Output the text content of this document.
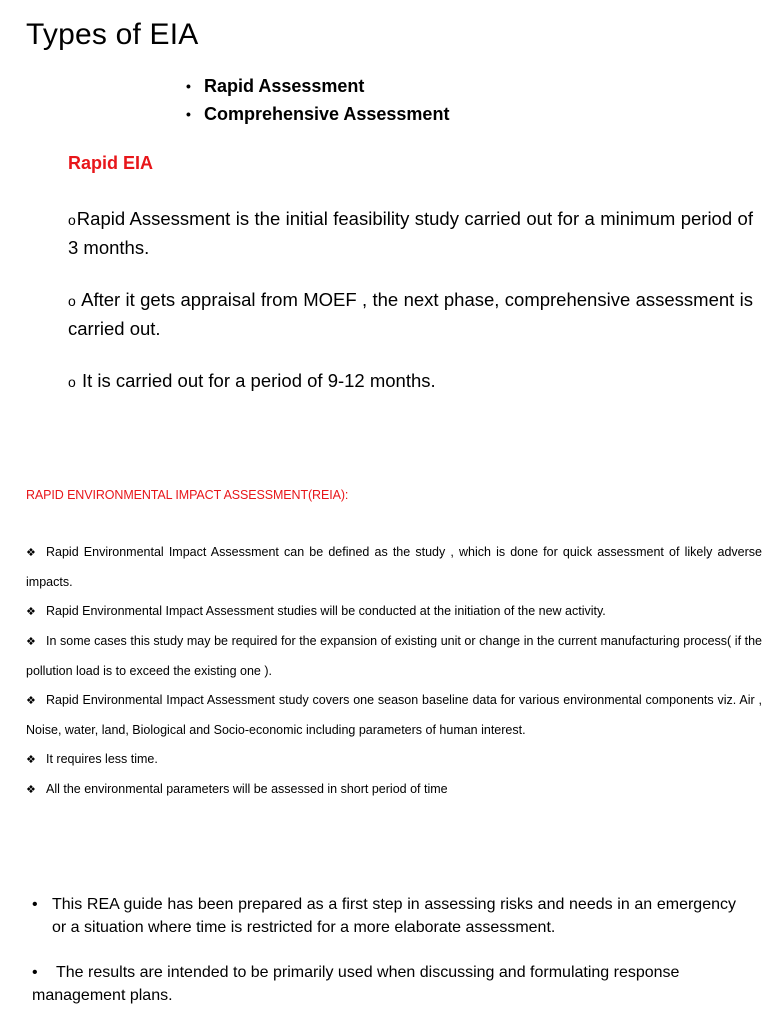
Types of EIA
• Rapid Assessment
• Comprehensive Assessment
Rapid EIA
oRapid Assessment is the initial feasibility study carried out for a minimum period of 3 months.
o After it gets appraisal from MOEF , the next phase, comprehensive assessment is carried out.
o It is carried out for a period of 9-12 months.
RAPID ENVIRONMENTAL IMPACT ASSESSMENT(REIA):
❖ Rapid Environmental Impact Assessment can be defined as the study , which is done for quick assessment of likely adverse impacts.
❖ Rapid Environmental Impact Assessment studies will be conducted at the initiation of the new activity.
❖ In some cases this study may be required for the expansion of existing unit or change in the current manufacturing process( if the pollution load is to exceed the existing one ).
❖ Rapid Environmental Impact Assessment study covers one season baseline data for various environmental components viz. Air , Noise, water, land, Biological and Socio-economic including parameters of human interest.
❖ It requires less time.
❖ All the environmental parameters will be assessed in short period of time
• This REA guide has been prepared as a first step in assessing risks and needs in an emergency or a situation where time is restricted for a more elaborate assessment.
• The results are intended to be primarily used when discussing and formulating response management plans.
